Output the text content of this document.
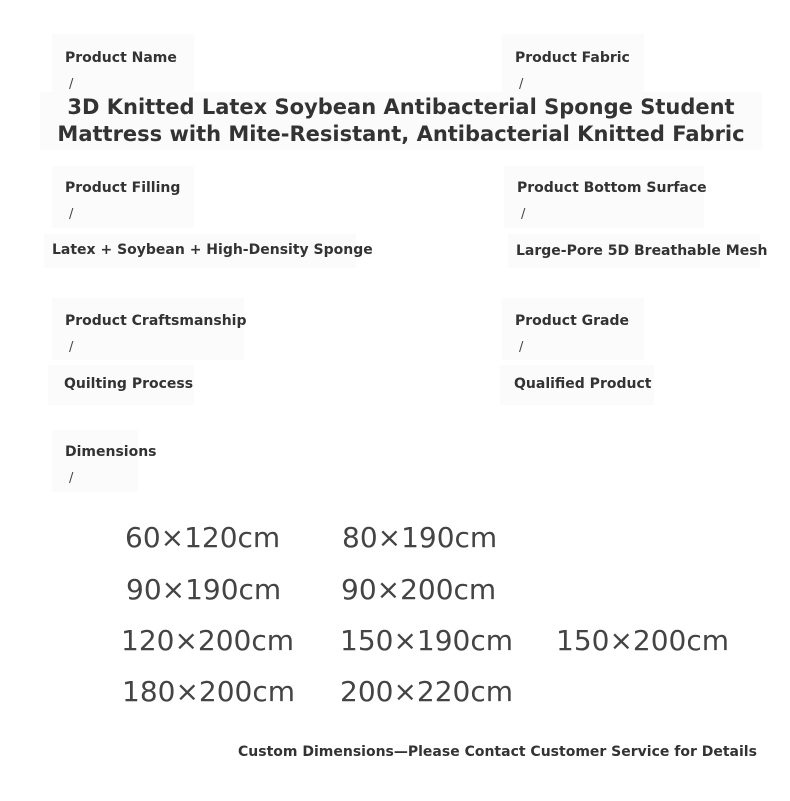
Product Name
/
Product Fabric
/
3D Knitted Latex Soybean Antibacterial Sponge Student
Mattress with Mite-Resistant, Antibacterial Knitted Fabric
Product Filling
/
Latex + Soybean + High-Density Sponge
Product Bottom Surface
/
Large-Pore 5D Breathable Mesh
Product Craftsmanship
/
Quilting Process
Product Grade
/
Qualified Product
Dimensions
/
60×120cm 80×190cm
90×190cm 90×200cm
120×200cm 150×190cm 150×200cm
180×200cm 200×220cm
Custom Dimensions—Please Contact Customer Service for Details
